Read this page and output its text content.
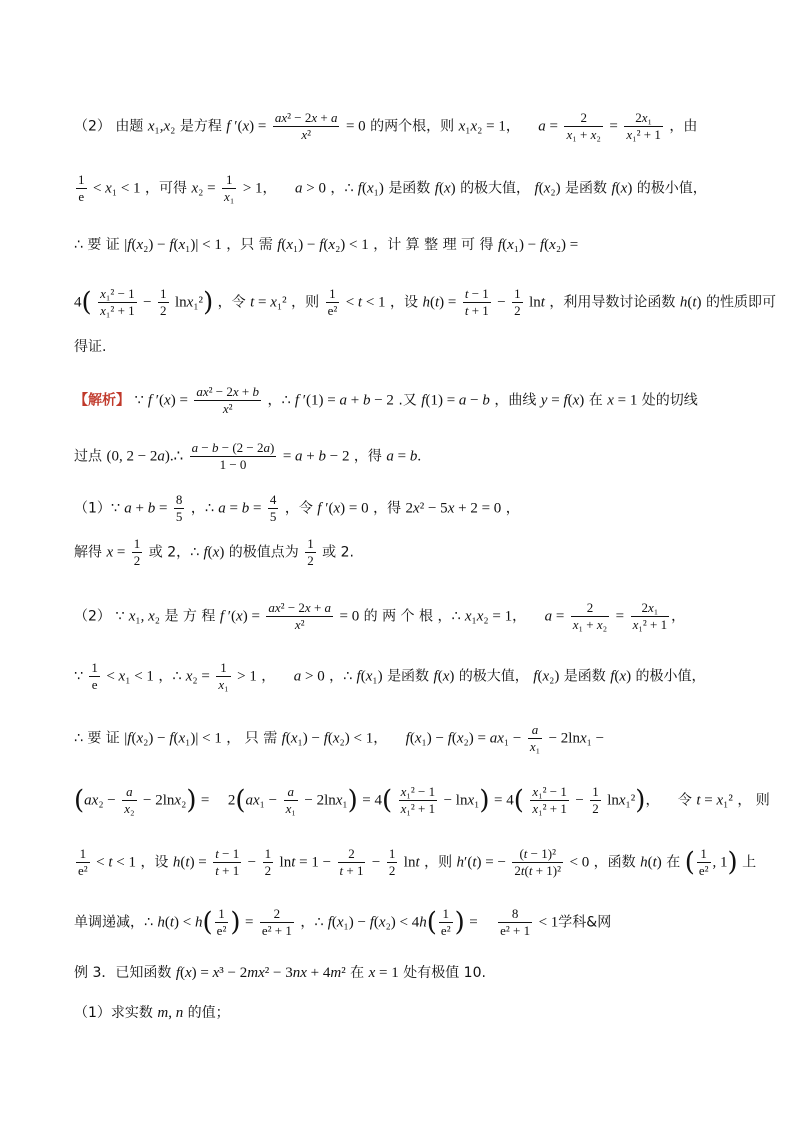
（2） 由题 x₁,x₂ 是方程 f $'(x) = \frac{\text{ax² − 2x + a}}{\text{x²}} = 0$ 的两个根，则 x₁x₂ = 1， $a = \frac{2}{\text{x₁ + x₂}} = \frac{\text{2x₁}}{\text{x₁² + 1}}$ ，由
$\frac{1}{e} < x_1 < 1$ ，可得 $x_2 = \frac{1}{\text{x₁}} > 1$， a > 0 ，∴ f(x₁) 是函数 f(x) 的极大值， f(x₂) 是函数 f(x) 的极小值，
∴ 要 证 |f(x₂) − f(x₁)| < 1 ，只 需 f(x₁) − f(x₂) < 1 ，计 算 整 理 可 得 f(x₁) − f(x₂) =
$4( \frac{\text{x₁² − 1}}{\text{x₁² + 1}} - \frac{1}{2} \ln x_1^2)$ ，令 t = x₁² ，则 $\frac{1}{\text{e²}} < t < 1$ ，设 $h(t) = \frac{t - 1}{t + 1} - \frac{1}{2}$ lnt ，利用导数讨论函数 h(t) 的性质即可
得证.
【解析】 ∵ f $'(x) = \frac{\text{ax² − 2x + b}}{\text{x²}}$ ，∴ f ′(1) = a + b − 2 .又 f(1) = a − b ，曲线 y = f(x) 在 x = 1 处的切线
过点 (0, 2 − 2a).∴ $\frac{a - b - (2 - 2a)}{1 - 0} = a + b - 2$ ，得 a = b.
（1）∵ $a + b = \frac{8}{5}$ ，∴ $a = b = \frac{4}{5}$ ，令 f ′(x) = 0 ，得 2x² − 5x + 2 = 0 ，
解得 $x = \frac{1}{2}$ 或 2，∴ f(x) 的极值点为 $\frac{1}{2}$ 或 2.
（2） ∵ x₁, x₂ 是 方 程 f $'(x) = \frac{\text{ax² − 2x + a}}{\text{x²}} = 0$ 的 两 个 根 ，∴ x₁x₂ = 1， $a = \frac{2}{\text{x₁ + x₂}} = \frac{\text{2x₁}}{\text{x₁² + 1}}$ ，
∵ $\frac{1}{e} < x_1 < 1$ ，∴ $x_2 = \frac{1}{\text{x₁}} > 1$ ， a > 0 ，∴ f(x₁) 是函数 f(x) 的极大值， f(x₂) 是函数 f(x) 的极小值，
∴ 要 证 |f(x₂) − f(x₁)| < 1 ， 只 需 f(x₁) − f(x₂) < 1， $f(x_1) - f(x_2) = ax_1 - \frac{a}{\text{x₁}} - 2\ln x_1$ −
$(ax_2 - \frac{a}{\text{x₂}} - 2\ln x_2) = 2(ax_1 - \frac{a}{\text{x₁}} - 2\ln x_1) = 4( \frac{\text{x₁² − 1}}{\text{x₁² + 1}} - \ln x_1) = 4( \frac{\text{x₁² − 1}}{\text{x₁² + 1}} - \frac{1}{2} \ln x_1^2)$， 令 t = x₁² ， 则
$\frac{1}{\text{e²}} < t < 1$ ，设 $h(t) = \frac{t - 1}{t + 1} - \frac{1}{2}$ $\ln t = 1 - \frac{2}{t + 1} - \frac{1}{2}$ lnt ，则 h′(t) = − $\frac{\text{(t − 1)²}}{\text{2t(t + 1)²}} < 0$ ，函数 h(t) 在 ( $\frac{1}{\text{e²}}$ , 1) 上
单调递减，∴ $h(t) < h( \frac{1}{\text{e²}}$ ) = $\frac{2}{\text{e² + 1}}$ ，∴ $f(x_1) - f(x_2) < 4h( \frac{1}{\text{e²}}$ ) = $\frac{8}{\text{e² + 1}} < 1$学科&网
例 3．已知函数 f(x) = x³ − 2mx² − 3nx + 4m² 在 x = 1 处有极值 10.
（1）求实数 m, n 的值；
